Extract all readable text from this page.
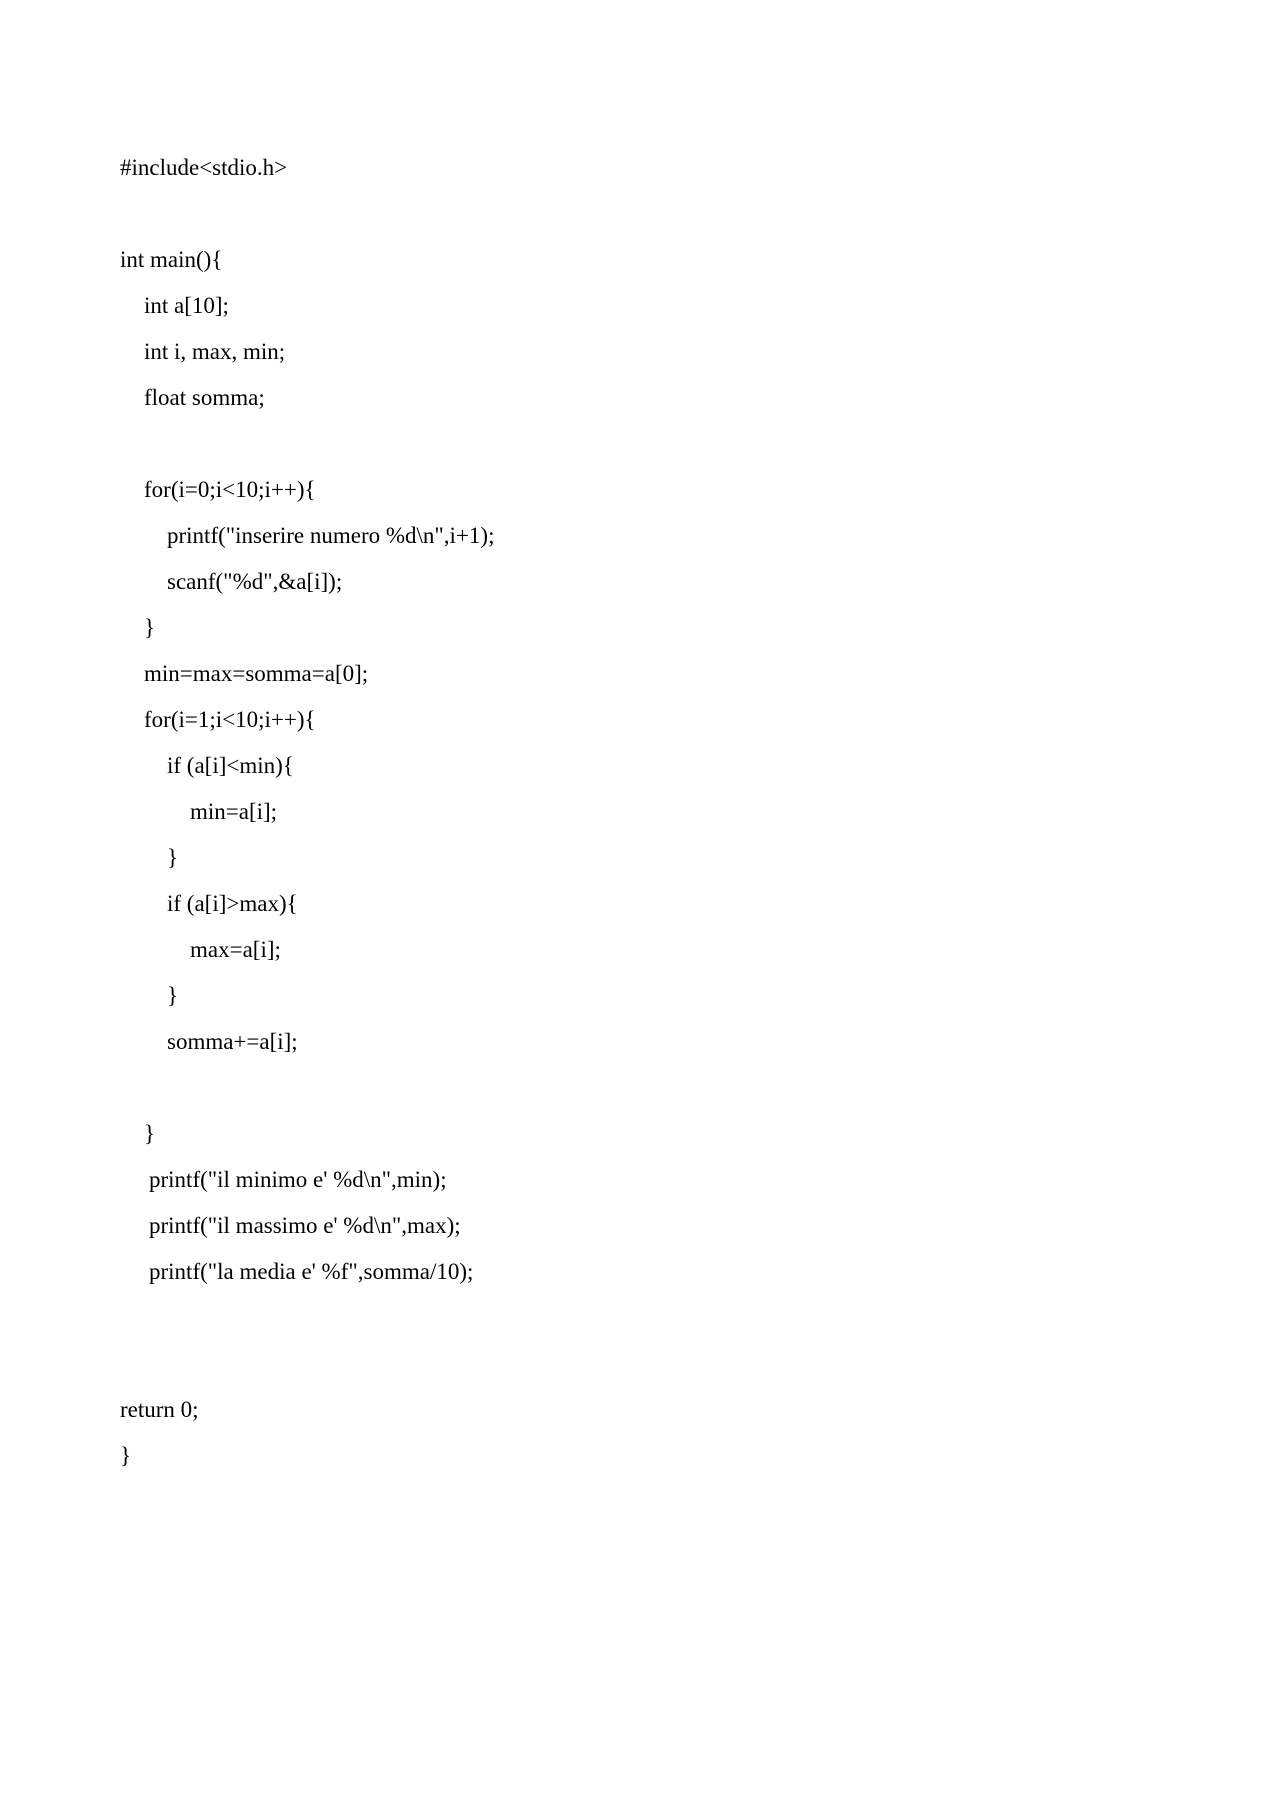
#include<stdio.h>
int main(){
int a[10];
int i, max, min;
float somma;
for(i=0;i<10;i++){
printf("inserire numero %d\n",i+1);
scanf("%d",&a[i]);
}
min=max=somma=a[0];
for(i=1;i<10;i++){
if (a[i]<min){
min=a[i];
}
if (a[i]>max){
max=a[i];
}
somma+=a[i];
}
printf("il minimo e' %d\n",min);
printf("il massimo e' %d\n",max);
printf("la media e' %f",somma/10);
return 0;
}
